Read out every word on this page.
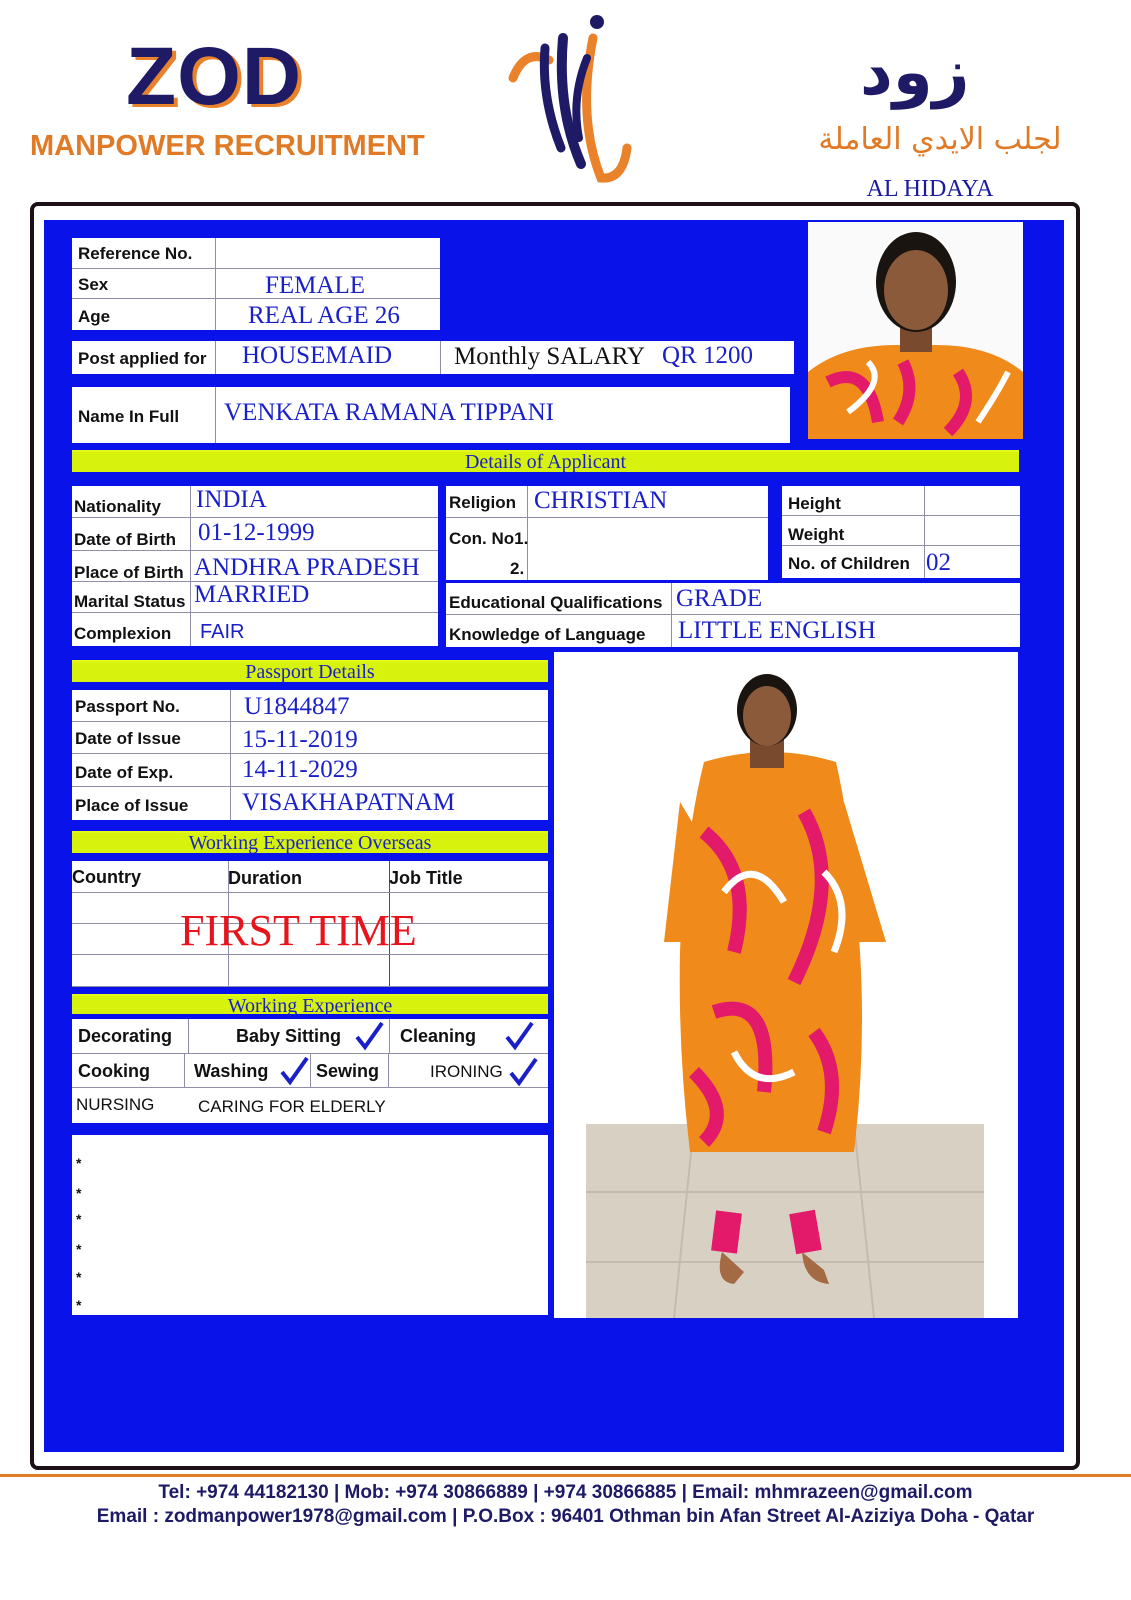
ZOD
MANPOWER RECRUITMENT
زود
لجلب الايدي العاملة
AL HIDAYA
Reference No.
Sex	FEMALE
Age	REAL AGE 26
Post applied for HOUSEMAID Monthly SALARY QR 1200
Name In Full VENKATA RAMANA TIPPANI
Details of Applicant
Nationality INDIA
Date of Birth 01-12-1999
Place of Birth ANDHRA PRADESH
Marital Status MARRIED
Complexion FAIR
Religion CHRISTIAN
Con. No1.
2.
Height
Weight
No. of Children 02
Educational Qualifications GRADE
Knowledge of Language LITTLE ENGLISH
Passport Details
Passport No.	U1844847
Date of Issue 15-11-2019
Date of Exp.	14-11-2029
Place of Issue VISAKHAPATNAM
Working Experience Overseas
Country	Duration	Job Title
FIRST TIME
Working Experience
Decorating	Baby Sitting	Cleaning
Cooking Washing	Sewing	IRONING
NURSING	CARING FOR ELDERLY
*
*
*
*
*
*
Tel: +974 44182130 | Mob: +974 30866889 | +974 30866885 | Email: mhmrazeen@gmail.com
Email : zodmanpower1978@gmail.com | P.O.Box : 96401 Othman bin Afan Street Al-Aziziya Doha - Qatar
